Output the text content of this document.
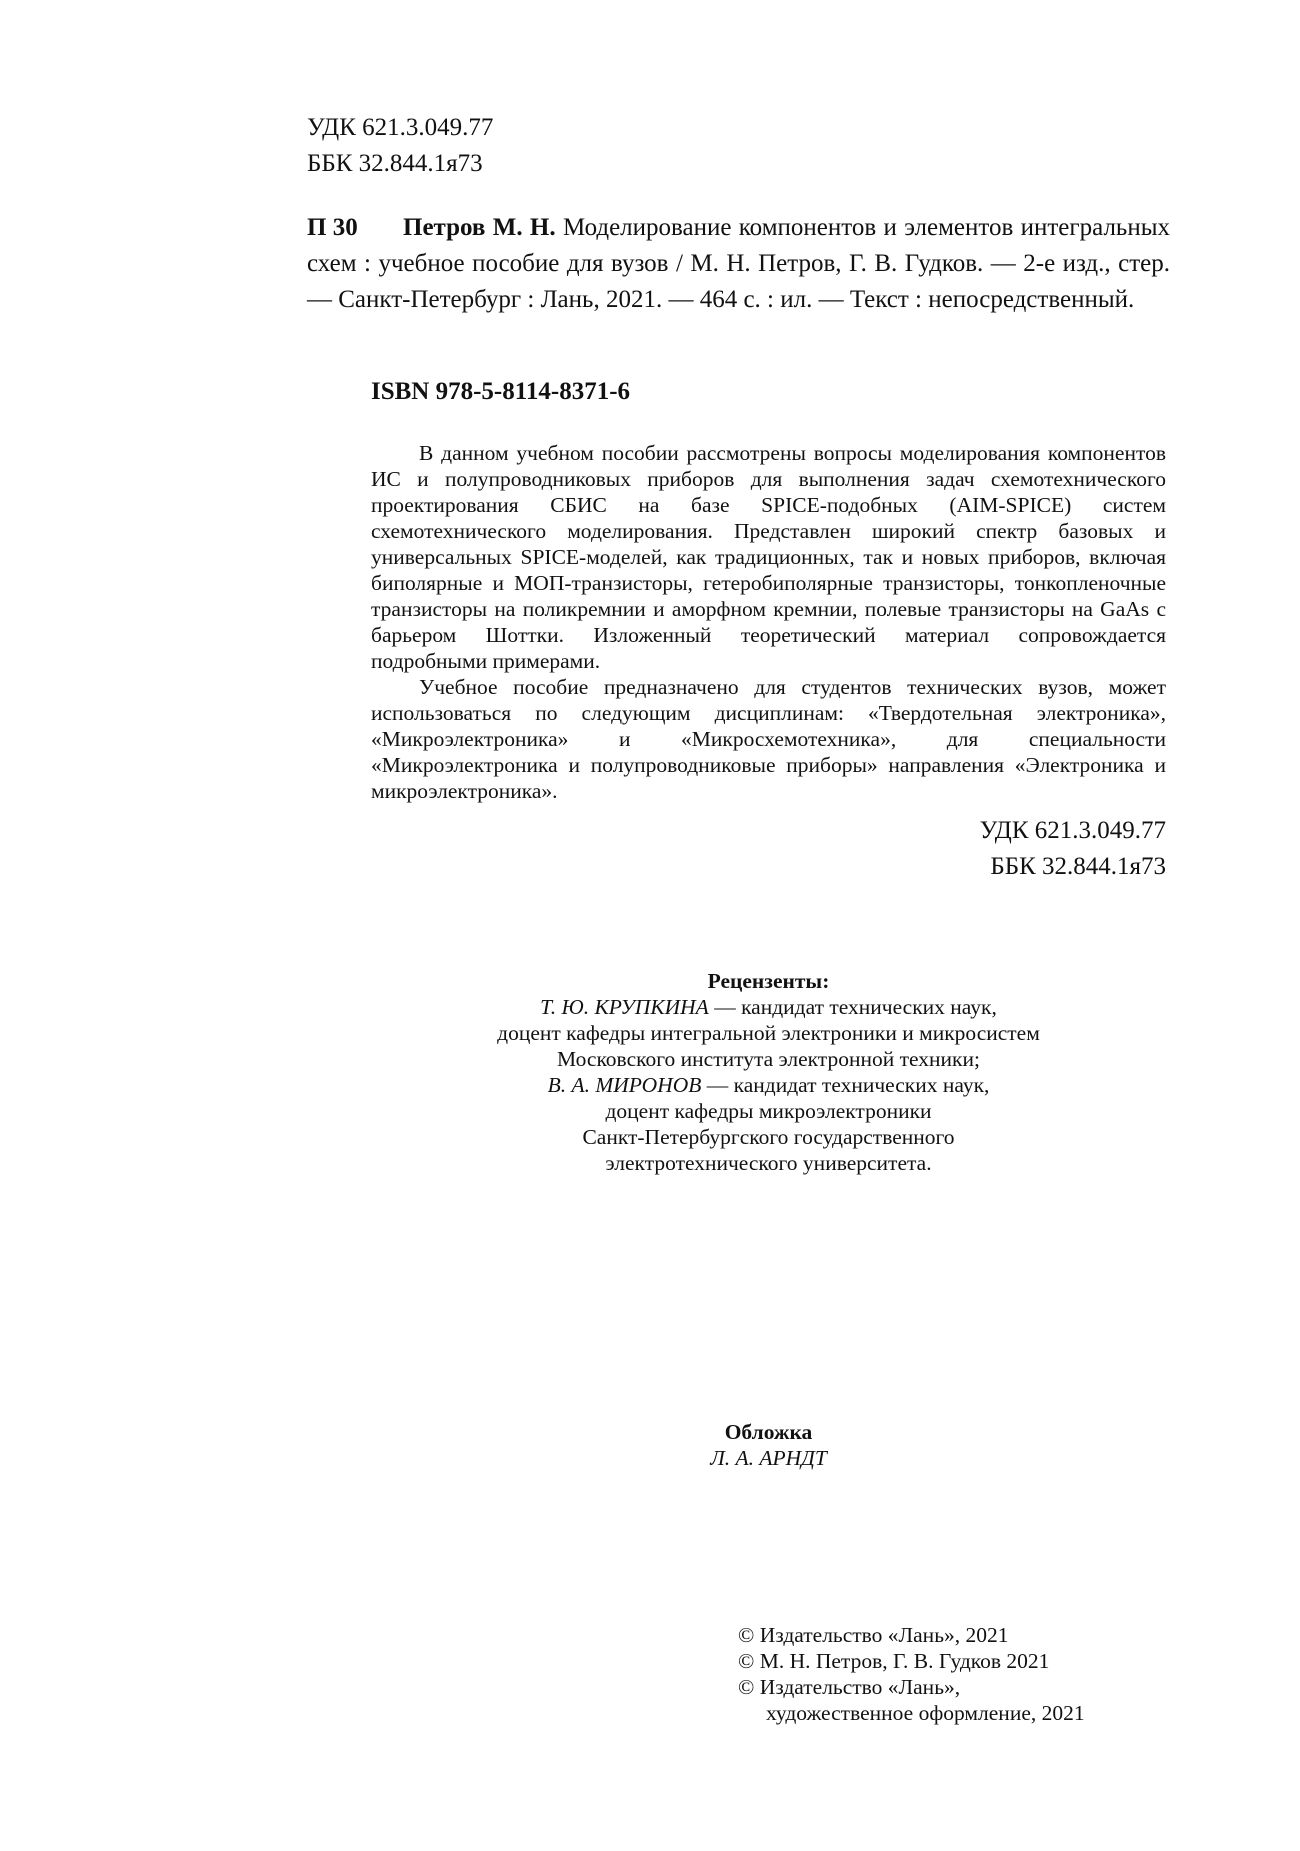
УДК 621.3.049.77
ББК 32.844.1я73
П 30 Петров М. Н. Моделирование компонентов и элементов интегральных схем : учебное пособие для вузов / М. Н. Петров, Г. В. Гудков. — 2-е изд., стер. — Санкт-Петербург : Лань, 2021. — 464 с. : ил. — Текст : непосредственный.
ISBN 978-5-8114-8371-6

В данном учебном пособии рассмотрены вопросы моделирования компонентов ИС и полупроводниковых приборов для выполнения задач схемотехнического проектирования СБИС на базе SPICE-подобных (AIM-SPICE) систем схемотехнического моделирования. Представлен широкий спектр базовых и универсальных SPICE-моделей, как традиционных, так и новых приборов, включая биполярные и МОП-транзисторы, гетеробиполярные транзисторы, тонкопленочные транзисторы на поликремнии и аморфном кремнии, полевые транзисторы на GaAs с барьером Шоттки. Изложенный теоретический материал сопровождается подробными примерами.

Учебное пособие предназначено для студентов технических вузов, может использоваться по следующим дисциплинам: «Твердотельная электроника», «Микроэлектроника» и «Микросхемотехника», для специальности «Микроэлектроника и полупроводниковые приборы» направления «Электроника и микроэлектроника».

УДК 621.3.049.77
ББК 32.844.1я73
Рецензенты:
Т. Ю. КРУПКИНА — кандидат технических наук,
доцент кафедры интегральной электроники и микросистем
Московского института электронной техники;
В. А. МИРОНОВ — кандидат технических наук,
доцент кафедры микроэлектроники
Санкт-Петербургского государственного
электротехнического университета.
Обложка
Л. А. АРНДТ
© Издательство «Лань», 2021
© М. Н. Петров, Г. В. Гудков 2021
© Издательство «Лань»,
художественное оформление, 2021
